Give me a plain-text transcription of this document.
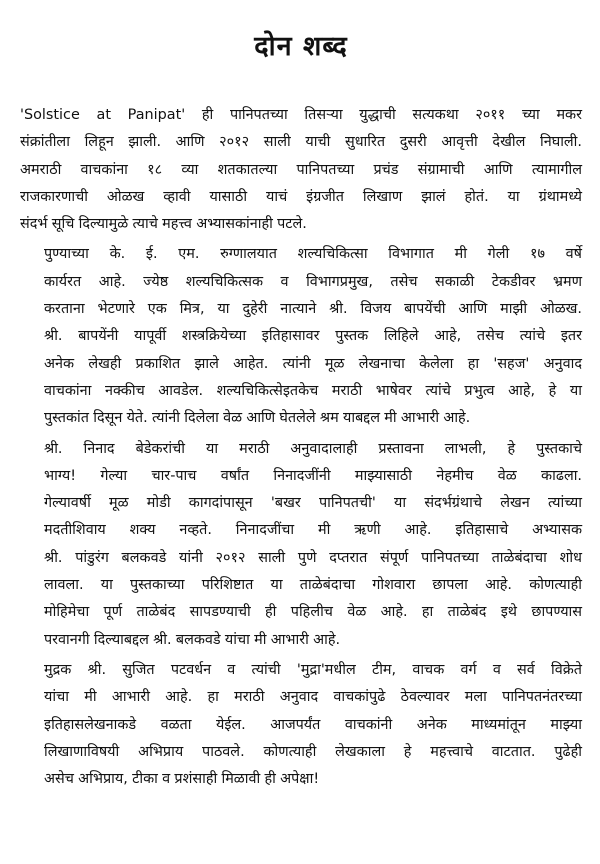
दोन शब्द
'Solstice at Panipat' ही पानिपतच्या तिसऱ्या युद्धाची सत्यकथा २०११ च्या मकर
संक्रांतीला लिहून झाली. आणि २०१२ साली याची सुधारित दुसरी आवृत्ती देखील निघाली.
अमराठी वाचकांना १८ व्या शतकातल्या पानिपतच्या प्रचंड संग्रामाची आणि त्यामागील
राजकारणाची ओळख व्हावी यासाठी याचं इंग्रजीत लिखाण झालं होतं. या ग्रंथामध्ये
संदर्भ सूचि दिल्यामुळे त्याचे महत्त्व अभ्यासकांनाही पटले.
पुण्याच्या के. ई. एम. रुग्णालयात शल्यचिकित्सा विभागात मी गेली १७ वर्षे
कार्यरत आहे. ज्येष्ठ शल्यचिकित्सक व विभागप्रमुख, तसेच सकाळी टेकडीवर भ्रमण
करताना भेटणारे एक मित्र, या दुहेरी नात्याने श्री. विजय बापयेंची आणि माझी ओळख.
श्री. बापयेंनी यापूर्वी शस्त्रक्रियेच्या इतिहासावर पुस्तक लिहिले आहे, तसेच त्यांचे इतर
अनेक लेखही प्रकाशित झाले आहेत. त्यांनी मूळ लेखनाचा केलेला हा 'सहज' अनुवाद
वाचकांना नक्कीच आवडेल. शल्यचिकित्सेइतकेच मराठी भाषेवर त्यांचे प्रभुत्व आहे, हे या
पुस्तकांत दिसून येते. त्यांनी दिलेला वेळ आणि घेतलेले श्रम याबद्दल मी आभारी आहे.
श्री. निनाद बेडेकरांची या मराठी अनुवादालाही प्रस्तावना लाभली, हे पुस्तकाचे
भाग्य! गेल्या चार-पाच वर्षांत निनादजींनी माझ्यासाठी नेहमीच वेळ काढला.
गेल्यावर्षी मूळ मोडी कागदांपासून 'बखर पानिपतची' या संदर्भग्रंथाचे लेखन त्यांच्या
मदतीशिवाय शक्य नव्हते. निनादजींचा मी ऋणी आहे. इतिहासाचे अभ्यासक
श्री. पांडुरंग बलकवडे यांनी २०१२ साली पुणे दप्तरात संपूर्ण पानिपतच्या ताळेबंदाचा शोध
लावला. या पुस्तकाच्या परिशिष्टात या ताळेबंदाचा गोशवारा छापला आहे. कोणत्याही
मोहिमेचा पूर्ण ताळेबंद सापडण्याची ही पहिलीच वेळ आहे. हा ताळेबंद इथे छापण्यास
परवानगी दिल्याबद्दल श्री. बलकवडे यांचा मी आभारी आहे.
मुद्रक श्री. सुजित पटवर्धन व त्यांची 'मुद्रा'मधील टीम, वाचक वर्ग व सर्व विक्रेते
यांचा मी आभारी आहे. हा मराठी अनुवाद वाचकांपुढे ठेवल्यावर मला पानिपतनंतरच्या
इतिहासलेखनाकडे वळता येईल. आजपर्यंत वाचकांनी अनेक माध्यमांतून माझ्या
लिखाणाविषयी अभिप्राय पाठवले. कोणत्याही लेखकाला हे महत्त्वाचे वाटतात. पुढेही
असेच अभिप्राय, टीका व प्रशंसाही मिळावी ही अपेक्षा!
